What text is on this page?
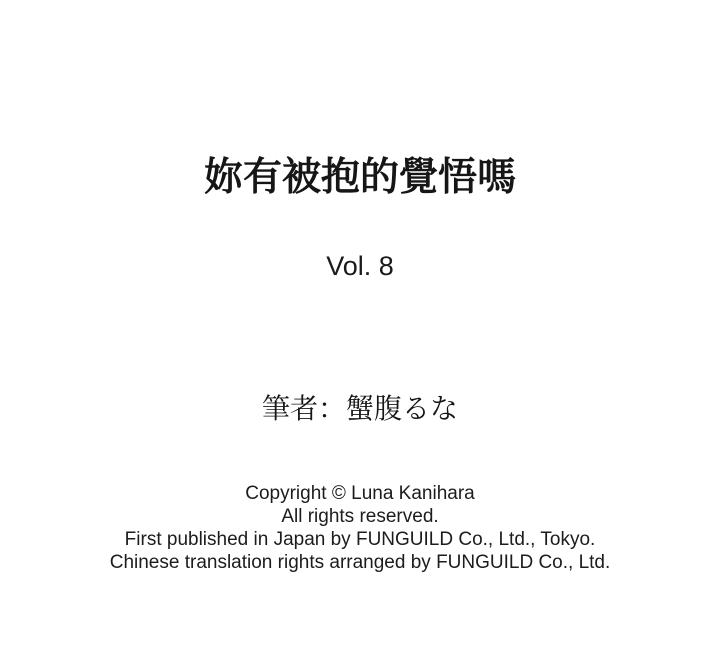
妳有被抱的覺悟嗎
Vol. 8
筆者：蟹腹るな
Copyright © Luna Kanihara
All rights reserved.
First published in Japan by FUNGUILD Co., Ltd., Tokyo.
Chinese translation rights arranged by FUNGUILD Co., Ltd.
